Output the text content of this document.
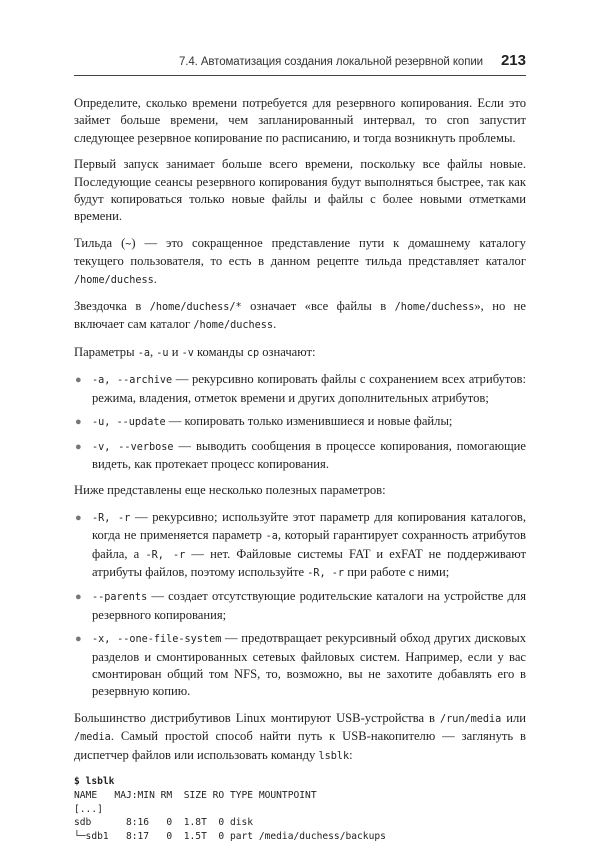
7.4. Автоматизация создания локальной резервной копии 213

Определите, сколько времени потребуется для резервного копирования. Если это займет больше времени, чем запланированный интервал, то cron запустит следующее резервное копирование по расписанию, и тогда возникнуть проблемы.

Первый запуск занимает больше всего времени, поскольку все файлы новые. Последующие сеансы резервного копирования будут выполняться быстрее, так как будут копироваться только новые файлы и файлы с более новыми отметками времени.

Тильда (~) — это сокращенное представление пути к домашнему каталогу текущего пользователя, то есть в данном рецепте тильда представляет каталог /home/duchess.

Звездочка в /home/duchess/* означает «все файлы в /home/duchess», но не включает сам каталог /home/duchess.

Параметры -a, -u и -v команды cp означают:

● -a, --archive — рекурсивно копировать файлы с сохранением всех атрибутов: режима, владения, отметок времени и других дополнительных атрибутов;
● -u, --update — копировать только изменившиеся и новые файлы;
● -v, --verbose — выводить сообщения в процессе копирования, помогающие видеть, как протекает процесс копирования.

Ниже представлены еще несколько полезных параметров:

● -R, -r — рекурсивно; используйте этот параметр для копирования каталогов, когда не применяется параметр -a, который гарантирует сохранность атрибутов файла, а -R, -r — нет. Файловые системы FAT и exFAT не поддерживают атрибуты файлов, поэтому используйте -R, -r при работе с ними;
● --parents — создает отсутствующие родительские каталоги на устройстве для резервного копирования;
● -x, --one-file-system — предотвращает рекурсивный обход других дисковых разделов и смонтированных сетевых файловых систем. Например, если у вас смонтирован общий том NFS, то, возможно, вы не захотите добавлять его в резервную копию.

Большинство дистрибутивов Linux монтируют USB-устройства в /run/media или /media. Самый простой способ найти путь к USB-накопителю — заглянуть в диспетчер файлов или использовать команду lsblk:

$ lsblk
NAME   MAJ:MIN RM  SIZE RO TYPE MOUNTPOINT
[...]
sdb      8:16   0  1.8T  0 disk
└─sdb1   8:17   0  1.5T  0 part /media/duchess/backups
